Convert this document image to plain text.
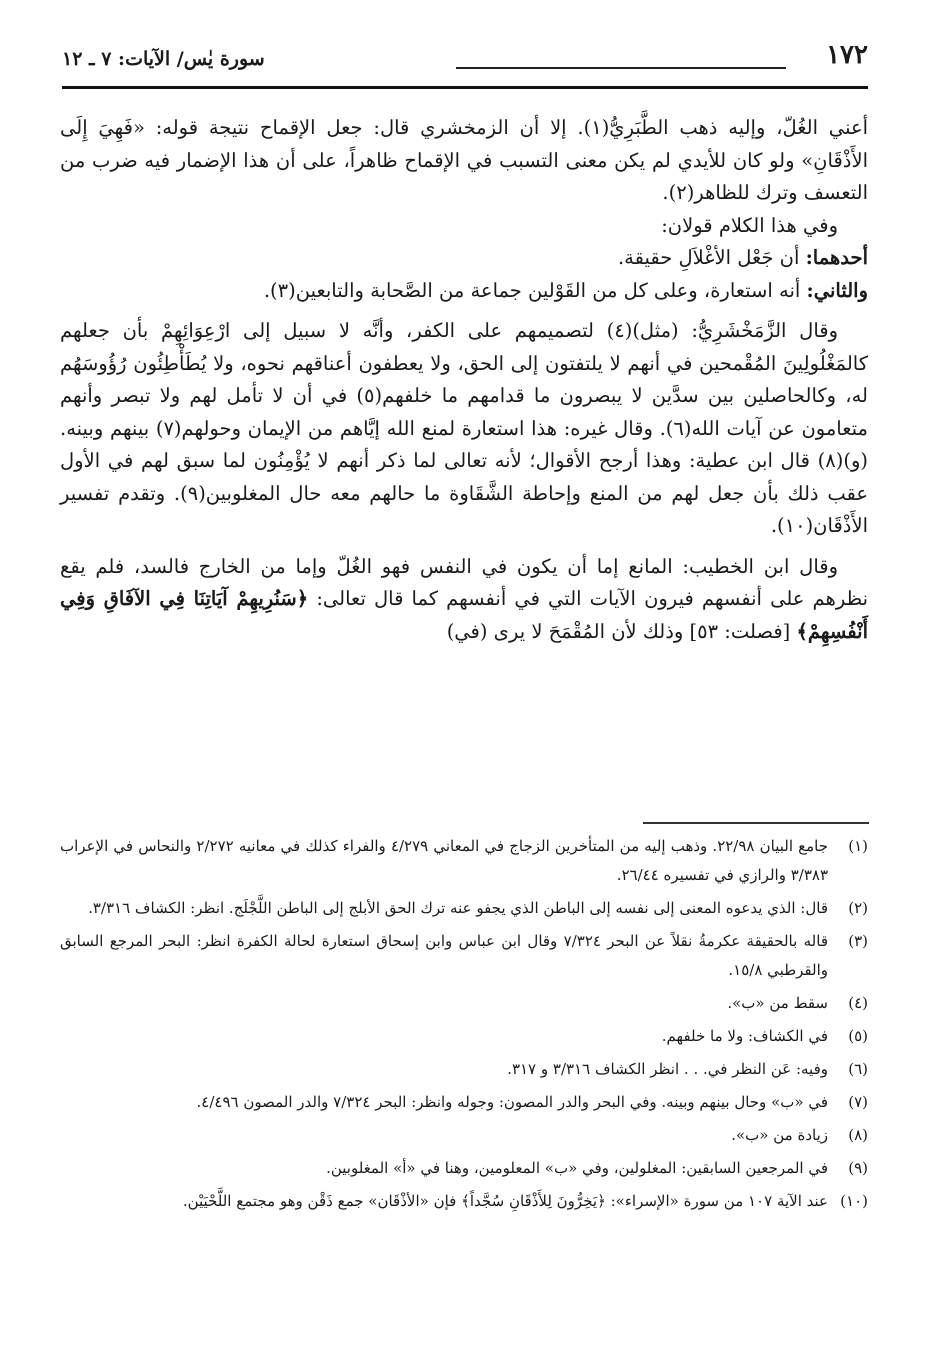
١٧٢
سورة يٰس/ الآيات: ٧ ـ ١٢

أعني الغُلّ، وإليه ذهب الطَّبَرِيُّ(١). إلا أن الزمخشري قال: جعل الإقماح نتيجة قوله: «فَهِيَ إِلَى الأَذْقَانِ» ولو كان للأيدي لم يكن معنى التسبب في الإقماح ظاهراً، على أن هذا الإضمار فيه ضرب من التعسف وترك للظاهر(٢).

وفي هذا الكلام قولان:

أحدهما: أن جَعْل الأغْلاَلِ حقيقة.

والثاني: أنه استعارة، وعلى كل من القَوْلين جماعة من الصَّحابة والتابعين(٣).

وقال الزَّمَخْشَرِيُّ: (مثل)(٤) لتصميمهم على الكفر، وأنَّه لا سبيل إلى ارْعِوَائِهِمْ بأن جعلهم كالمَغْلُولِينَ المُقْمحين في أنهم لا يلتفتون إلى الحق، ولا يعطفون أعناقهم نحوه، ولا يُطَأْطِئُون رُؤُوسَهُم له، وكالحاصلين بين سدَّين لا يبصرون ما قدامهم ما خلفهم(٥) في أن لا تأمل لهم ولا تبصر وأنهم متعامون عن آيات الله(٦). وقال غيره: هذا استعارة لمنع الله إيَّاهم من الإيمان وحولهم(٧) بينهم وبينه. (و)(٨) قال ابن عطية: وهذا أرجح الأقوال؛ لأنه تعالى لما ذكر أنهم لا يُؤْمِنُون لما سبق لهم في الأول عقب ذلك بأن جعل لهم من المنع وإحاطة الشَّقَاوة ما حالهم معه حال المغلوبين(٩). وتقدم تفسير الأَذْقَان(١٠).

وقال ابن الخطيب: المانع إما أن يكون في النفس فهو الغُلّ وإما من الخارج فالسد، فلم يقع نظرهم على أنفسهم فيرون الآيات التي في أنفسهم كما قال تعالى: ﴿سَنُرِيهِمْ آيَاتِنَا فِي الآفَاقِ وَفِي أَنْفُسِهِمْ﴾ [فصلت: ٥٣] وذلك لأن المُقْمَحَ لا يرى (في)

(١)
جامع البيان ٢٢/٩٨. وذهب إليه من المتأخرين الزجاج في المعاني ٤/٢٧٩ والفراء كذلك في معانيه ٢/٢٧٢ والنحاس في الإعراب ٣/٣٨٣ والرازي في تفسيره ٢٦/٤٤.
(٢)
قال: الذي يدعوه المعنى إلى نفسه إلى الباطن الذي يجفو عنه ترك الحق الأبلج إلى الباطن اللَّجْلَج. انظر: الكشاف ٣/٣١٦.
(٣)
قاله بالحقيقة عكرمةُ نقلاً عن البحر ٧/٣٢٤ وقال ابن عباس وابن إسحاق استعارة لحالة الكفرة انظر: البحر المرجع السابق والقرطبي ١٥/٨.
(٤)
سقط من «ب».
(٥)
في الكشاف: ولا ما خلفهم.
(٦)
وفيه: عَن النظر في. . . انظر الكشاف ٣/٣١٦ و ٣١٧.
(٧)
في «ب» وحال بينهم وبينه. وفي البحر والدر المصون: وجوله وانظر: البحر ٧/٣٢٤ والدر المصون ٤/٤٩٦.
(٨)
زيادة من «ب».
(٩)
في المرجعين السابقين: المغلولين، وفي «ب» المعلومين، وهنا في «أ» المغلوبين.
(١٠)
عند الآية ١٠٧ من سورة «الإسراء»: ﴿يَخِرُّونَ لِلأَذْقَانِ سُجَّداً﴾ فإن «الأذْقَان» جمع ذَقْن وهو مجتمع اللَّحْيَيْن.
